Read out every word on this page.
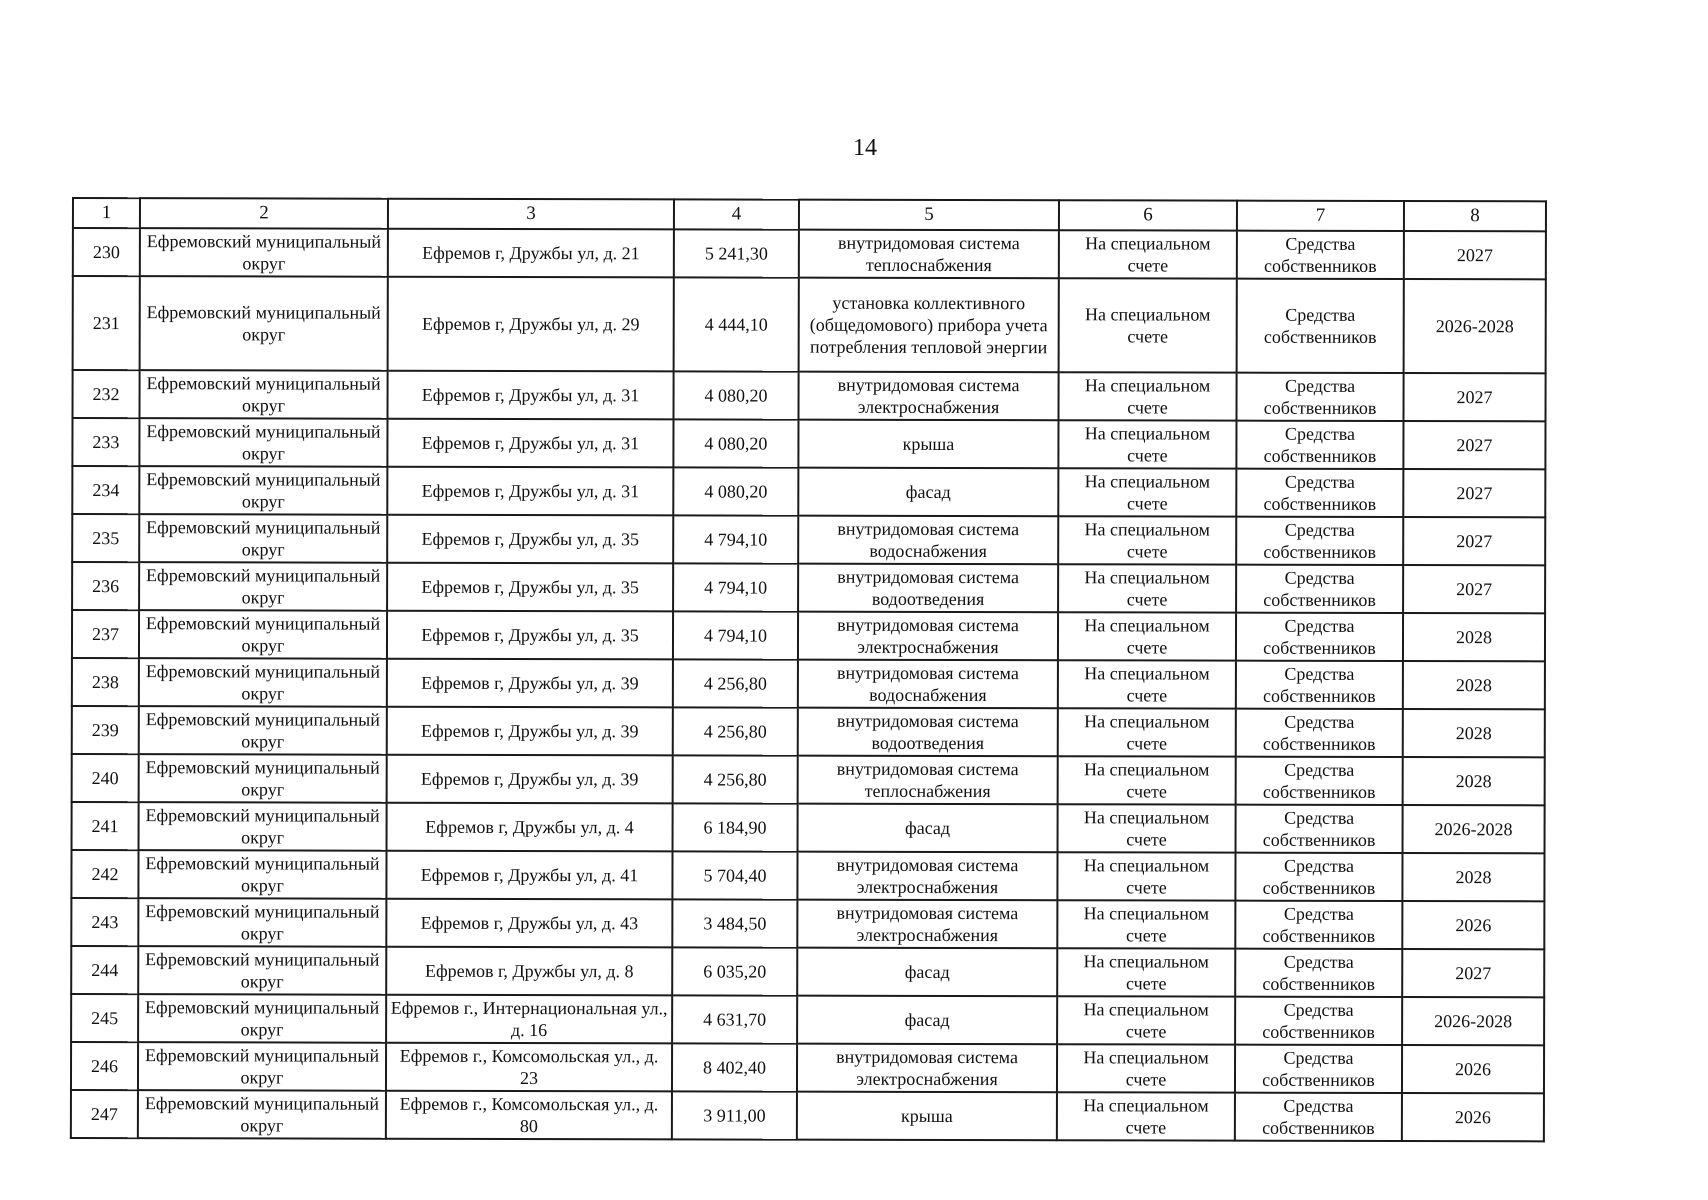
14
1	2	3	4	5	6	7	8
230	Ефремовский муниципальный округ	Ефремов г, Дружбы ул, д. 21	5 241,30	внутридомовая система теплоснабжения	На специальном счете	Средства собственников	2027
231	Ефремовский муниципальный округ	Ефремов г, Дружбы ул, д. 29	4 444,10	установка коллективного (общедомового) прибора учета потребления тепловой энергии	На специальном счете	Средства собственников	2026-2028
232	Ефремовский муниципальный округ	Ефремов г, Дружбы ул, д. 31	4 080,20	внутридомовая система электроснабжения	На специальном счете	Средства собственников	2027
233	Ефремовский муниципальный округ	Ефремов г, Дружбы ул, д. 31	4 080,20	крыша	На специальном счете	Средства собственников	2027
234	Ефремовский муниципальный округ	Ефремов г, Дружбы ул, д. 31	4 080,20	фасад	На специальном счете	Средства собственников	2027
235	Ефремовский муниципальный округ	Ефремов г, Дружбы ул, д. 35	4 794,10	внутридомовая система водоснабжения	На специальном счете	Средства собственников	2027
236	Ефремовский муниципальный округ	Ефремов г, Дружбы ул, д. 35	4 794,10	внутридомовая система водоотведения	На специальном счете	Средства собственников	2027
237	Ефремовский муниципальный округ	Ефремов г, Дружбы ул, д. 35	4 794,10	внутридомовая система электроснабжения	На специальном счете	Средства собственников	2028
238	Ефремовский муниципальный округ	Ефремов г, Дружбы ул, д. 39	4 256,80	внутридомовая система водоснабжения	На специальном счете	Средства собственников	2028
239	Ефремовский муниципальный округ	Ефремов г, Дружбы ул, д. 39	4 256,80	внутридомовая система водоотведения	На специальном счете	Средства собственников	2028
240	Ефремовский муниципальный округ	Ефремов г, Дружбы ул, д. 39	4 256,80	внутридомовая система теплоснабжения	На специальном счете	Средства собственников	2028
241	Ефремовский муниципальный округ	Ефремов г, Дружбы ул, д. 4	6 184,90	фасад	На специальном счете	Средства собственников	2026-2028
242	Ефремовский муниципальный округ	Ефремов г, Дружбы ул, д. 41	5 704,40	внутридомовая система электроснабжения	На специальном счете	Средства собственников	2028
243	Ефремовский муниципальный округ	Ефремов г, Дружбы ул, д. 43	3 484,50	внутридомовая система электроснабжения	На специальном счете	Средства собственников	2026
244	Ефремовский муниципальный округ	Ефремов г, Дружбы ул, д. 8	6 035,20	фасад	На специальном счете	Средства собственников	2027
245	Ефремовский муниципальный округ	Ефремов г., Интернациональная ул., д. 16	4 631,70	фасад	На специальном счете	Средства собственников	2026-2028
246	Ефремовский муниципальный округ	Ефремов г., Комсомольская ул., д. 23	8 402,40	внутридомовая система электроснабжения	На специальном счете	Средства собственников	2026
247	Ефремовский муниципальный округ	Ефремов г., Комсомольская ул., д. 80	3 911,00	крыша	На специальном счете	Средства собственников	2026
